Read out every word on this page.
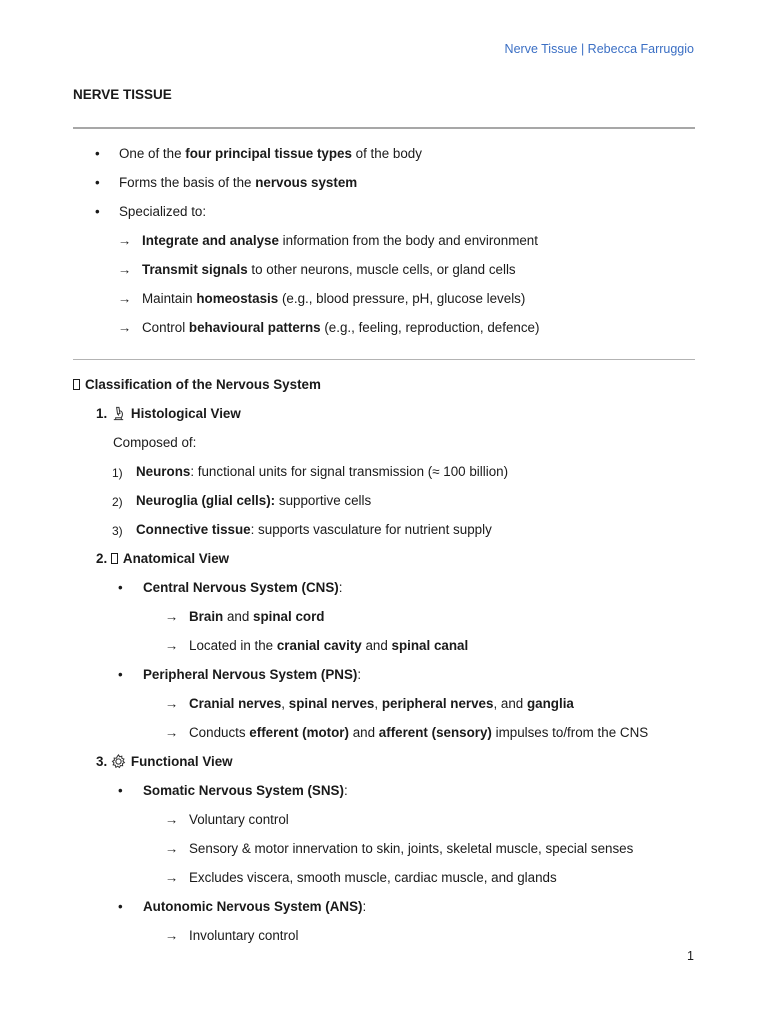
Nerve Tissue | Rebecca Farruggio
NERVE TISSUE
• One of the four principal tissue types of the body
• Forms the basis of the nervous system
• Specialized to:
→ Integrate and analyse information from the body and environment
→ Transmit signals to other neurons, muscle cells, or gland cells
→ Maintain homeostasis (e.g., blood pressure, pH, glucose levels)
→ Control behavioural patterns (e.g., feeling, reproduction, defence)
Classification of the Nervous System
1. Histological View
Composed of:
1) Neurons: functional units for signal transmission (≈ 100 billion)
2) Neuroglia (glial cells): supportive cells
3) Connective tissue: supports vasculature for nutrient supply
2. Anatomical View
• Central Nervous System (CNS):
→ Brain and spinal cord
→ Located in the cranial cavity and spinal canal
• Peripheral Nervous System (PNS):
→ Cranial nerves, spinal nerves, peripheral nerves, and ganglia
→ Conducts efferent (motor) and afferent (sensory) impulses to/from the CNS
3. Functional View
• Somatic Nervous System (SNS):
→ Voluntary control
→ Sensory & motor innervation to skin, joints, skeletal muscle, special senses
→ Excludes viscera, smooth muscle, cardiac muscle, and glands
• Autonomic Nervous System (ANS):
→ Involuntary control
1
